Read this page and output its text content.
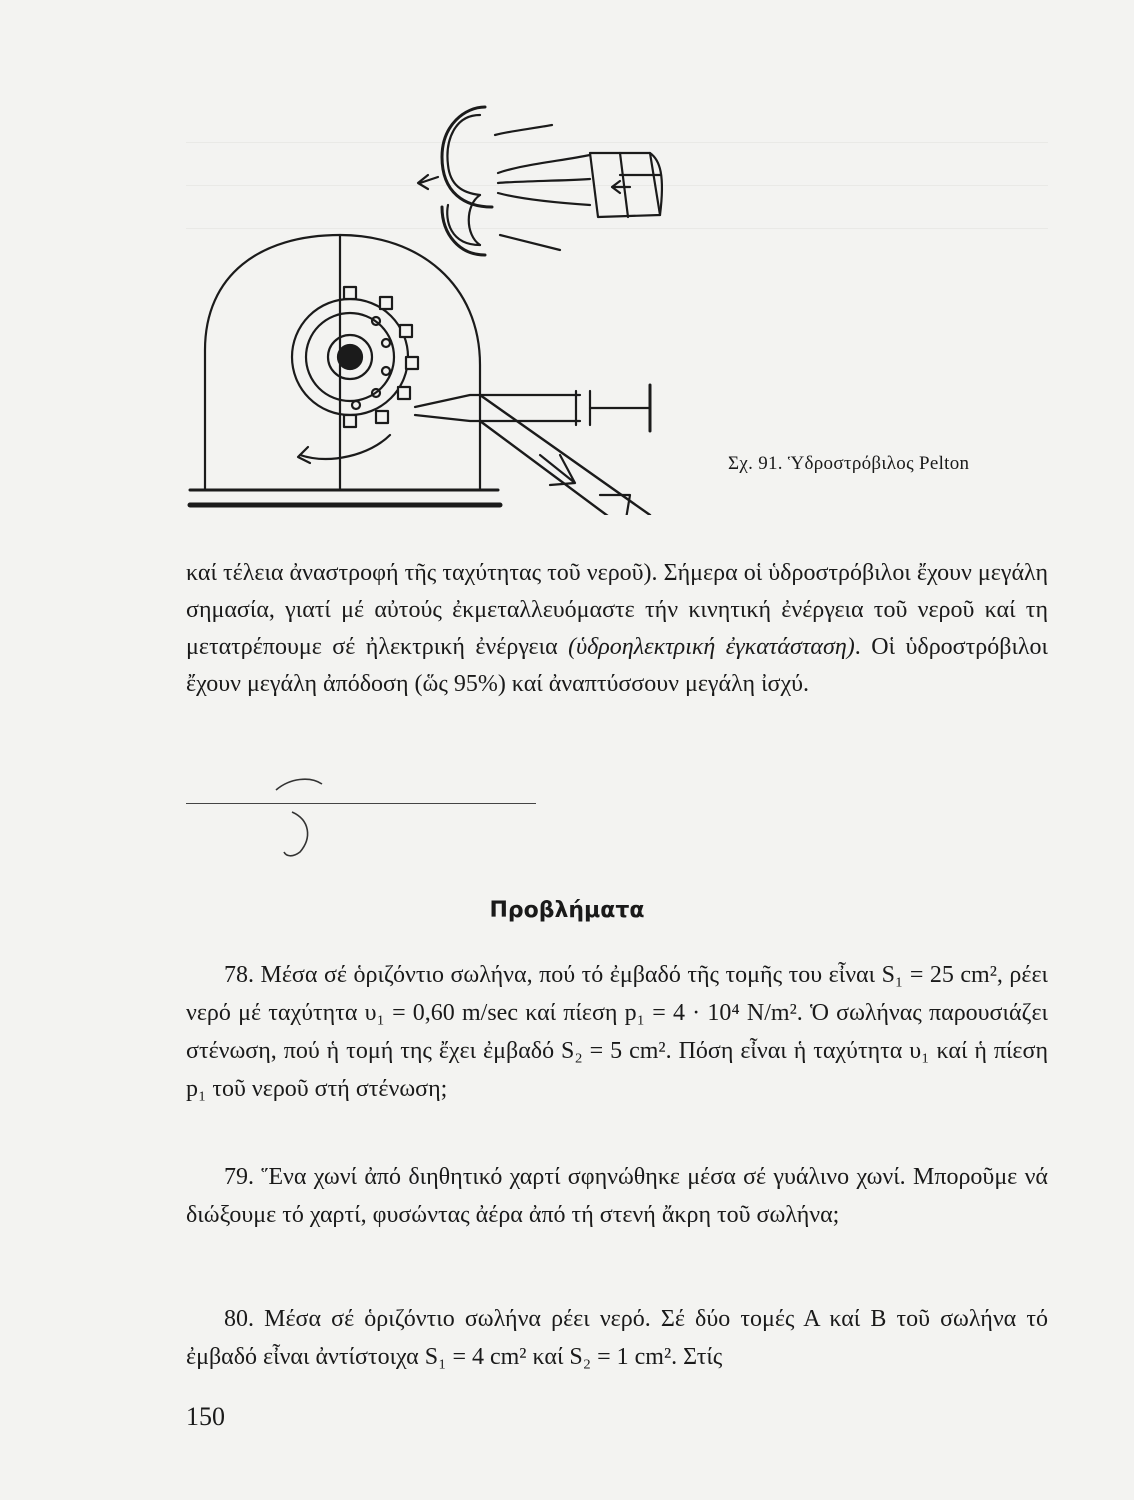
Σχ. 91. Ὑδροστρόβιλος Pelton

καί τέλεια ἀναστροφή τῆς ταχύτητας τοῦ νεροῦ). Σήμερα οἱ ὑδροστρόβιλοι ἔχουν μεγάλη σημασία, γιατί μέ αὐτούς ἐκμεταλλευόμαστε τήν κινητική ἐνέργεια τοῦ νεροῦ καί τη μετατρέπουμε σέ ἠλεκτρική ἐνέργεια (ὑδροηλεκτρική ἐγκατάσταση). Οἱ ὑδροστρόβιλοι ἔχουν μεγάλη ἀπόδοση (ὥς 95%) καί ἀναπτύσσουν μεγάλη ἰσχύ.

Προβλήματα
78. Μέσα σέ ὁριζόντιο σωλήνα, πού τό ἐμβαδό τῆς τομῆς του εἶναι S₁ = 25 cm², ρέει νερό μέ ταχύτητα υ₁ = 0,60 m/sec καί πίεση p₁ = 4 · 10⁴ N/m². Ὁ σωλήνας παρουσιάζει στένωση, πού ἡ τομή της ἔχει ἐμβαδό S₂ = 5 cm². Πόση εἶναι ἡ ταχύτητα υ₁ καί ἡ πίεση p₁ τοῦ νεροῦ στή στένωση;
79. Ἕνα χωνί ἀπό διηθητικό χαρτί σφηνώθηκε μέσα σέ γυάλινο χωνί. Μποροῦμε νά διώξουμε τό χαρτί, φυσώντας ἀέρα ἀπό τή στενή ἄκρη τοῦ σωλήνα;
80. Μέσα σέ ὁριζόντιο σωλήνα ρέει νερό. Σέ δύο τομές Α καί Β τοῦ σωλήνα τό ἐμβαδό εἶναι ἀντίστοιχα S₁ = 4 cm² καί S₂ = 1 cm². Στίς
150
